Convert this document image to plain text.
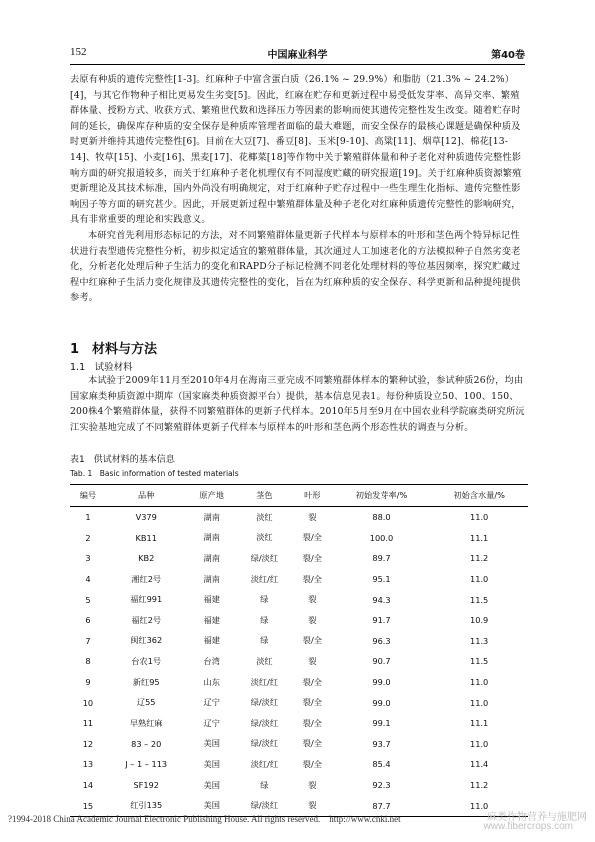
152	中国麻业科学	第40卷

去原有种质的遗传完整性[1-3]。红麻种子中富含蛋白质（26.1% ~ 29.9%）和脂肪（21.3% ~ 24.2%）[4]，与其它作物种子相比更易发生劣变[5]。因此，红麻在贮存和更新过程中易受低发芽率、高异交率、繁殖群体量、授粉方式、收获方式、繁殖世代数和选择压力等因素的影响而使其遗传完整性发生改变。随着贮存时间的延长，确保库存种质的安全保存是种质库管理者面临的最大难题，而安全保存的最核心课题是确保种质及时更新并维持其遗传完整性[6]。目前在大豆[7]、番豆[8]、玉米[9-10]、高粱[11]、烟草[12]、棉花[13-14]、牧草[15]、小麦[16]、黑麦[17]、花椰菜[18]等作物中关于繁殖群体量和种子老化对种质遗传完整性影响方面的研究报道较多，而关于红麻种子老化机理仅有不同湿度贮藏的研究报道[19]。关于红麻种质资源繁殖更新理论及其技术标准，国内外尚没有明确规定，对于红麻种子贮存过程中一些生理生化指标、遗传完整性影响因子等方面的研究甚少。因此，开展更新过程中繁殖群体量及种子老化对红麻种质遗传完整性的影响研究，具有非常重要的理论和实践意义。

本研究首先利用形态标记的方法，对不同繁殖群体量更新子代样本与原样本的叶形和茎色两个特异标记性状进行表型遗传完整性分析，初步拟定适宜的繁殖群体量，其次通过人工加速老化的方法模拟种子自然劣变老化，分析老化处理后种子生活力的变化和RAPD分子标记检测不同老化处理材料的等位基因频率，探究贮藏过程中红麻种子生活力变化规律及其遗传完整性的变化，旨在为红麻种质的安全保存、科学更新和品种提纯提供参考。

1　材料与方法
1.1　试验材料

本试验于2009年11月至2010年4月在海南三亚完成不同繁殖群体样本的繁种试验，参试种质26份，均由国家麻类种质资源中期库（国家麻类种质资源平台）提供，基本信息见表1。每份种质设立50、100、150、200株4个繁殖群体量，获得不同繁殖群体的更新子代样本。2010年5月至9月在中国农业科学院麻类研究所沅江实验基地完成了不同繁殖群体更新子代样本与原样本的叶形和茎色两个形态性状的调查与分析。

表1　供试材料的基本信息
Tab. 1　Basic information of tested materials
编号	品种	原产地	茎色	叶形	初始发芽率/%	初始含水量/%
1	V379	湖南	淡红	裂	88.0	11.0
2	KB11	湖南	淡红	裂/全	100.0	11.1
3	KB2	湖南	绿/淡红	裂/全	89.7	11.2
4	湘红2号	湖南	淡红/红	裂/全	95.1	11.0
5	福红991	福建	绿	裂	94.3	11.5
6	福红2号	福建	绿	裂	91.7	10.9
7	闽红362	福建	绿	裂/全	96.3	11.3
8	台农1号	台湾	淡红	裂	90.7	11.5
9	新红95	山东	淡红/红	裂/全	99.0	11.0
10	辽55	辽宁	绿/淡红	裂/全	99.0	11.0
11	早熟红麻	辽宁	绿/淡红	裂/全	99.1	11.1
12	83 – 20	美国	绿/淡红	裂/全	93.7	11.0
13	J – 1 – 113	美国	淡红/红	裂/全	85.4	11.4
14	SF192	美国	绿	裂	92.3	11.2
15	红引135	美国	绿/淡红	裂	87.7	11.0
?1994-2018 China Academic Journal Electronic Publishing House. All rights reserved.　http://www.cnki.net	麻类作物营养与施肥网
www.fibercrops.com
